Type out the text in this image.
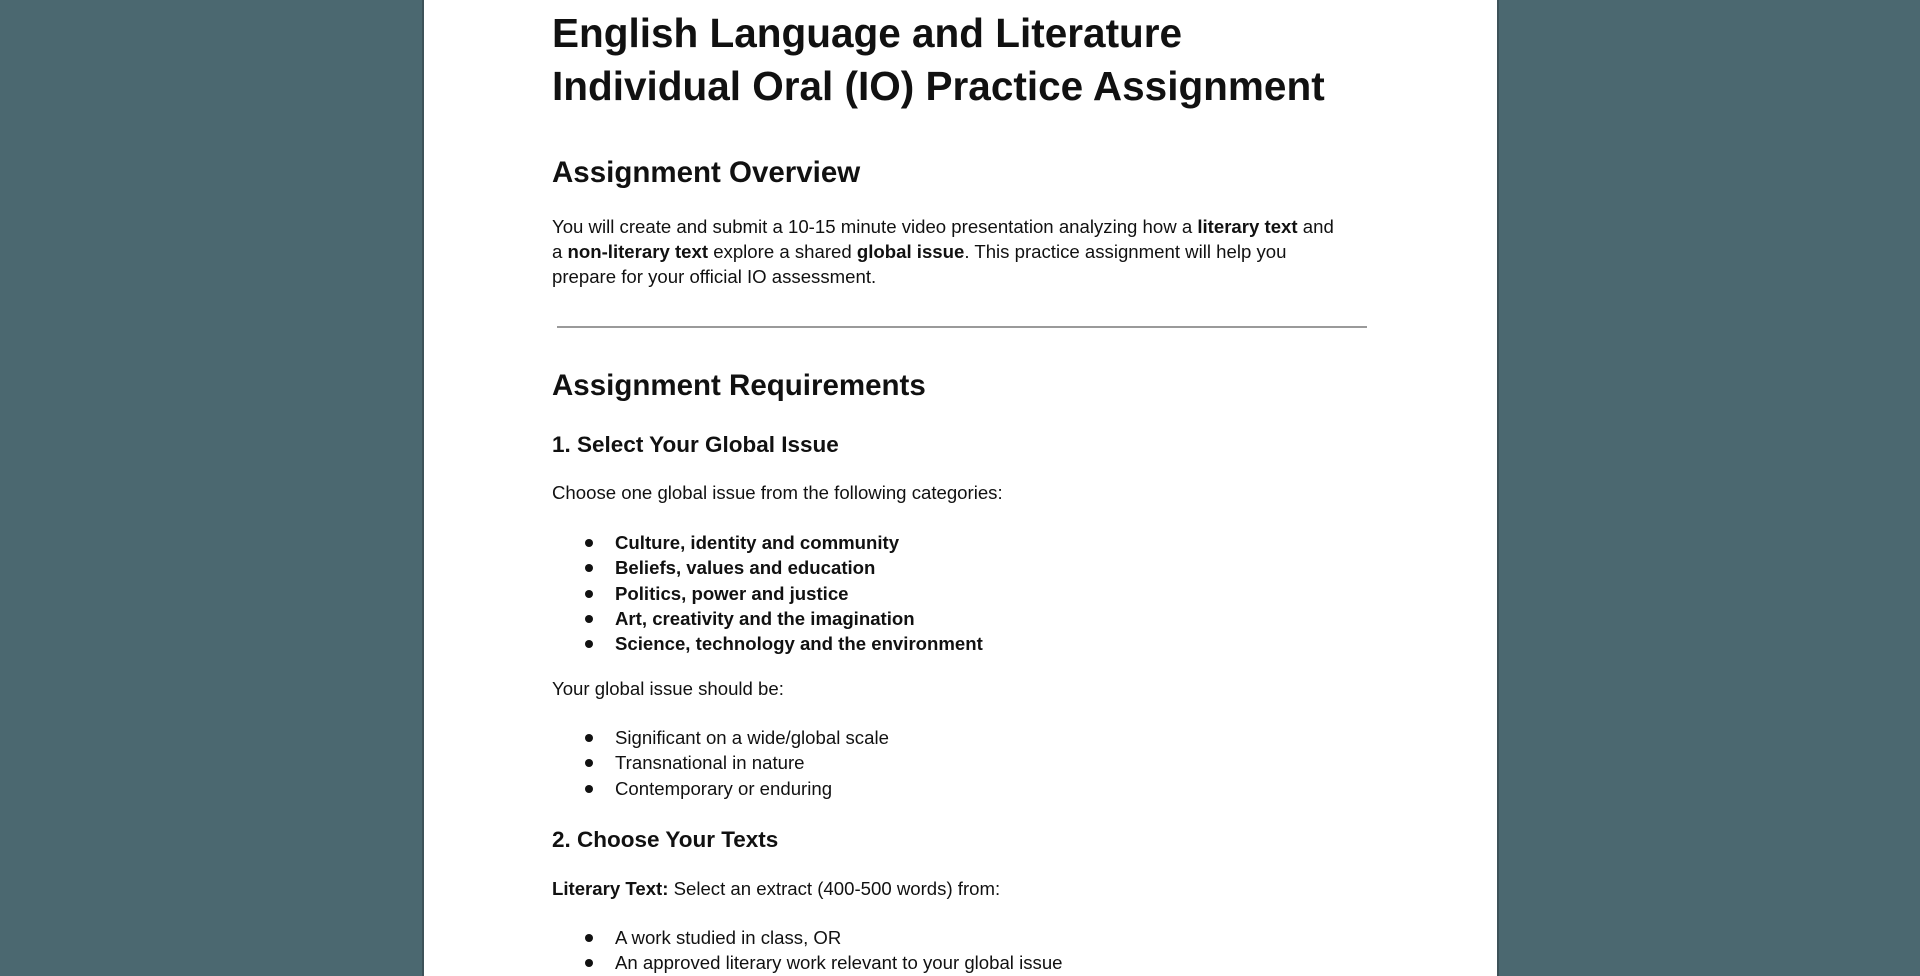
English Language and Literature
Individual Oral (IO) Practice Assignment
Assignment Overview

You will create and submit a 10-15 minute video presentation analyzing how a literary text and
a non-literary text explore a shared global issue. This practice assignment will help you
prepare for your official IO assessment.

Assignment Requirements
1. Select Your Global Issue

Choose one global issue from the following categories:

Culture, identity and community
Beliefs, values and education
Politics, power and justice
Art, creativity and the imagination
Science, technology and the environment

Your global issue should be:

Significant on a wide/global scale
Transnational in nature
Contemporary or enduring
2. Choose Your Texts

Literary Text: Select an extract (400-500 words) from:

A work studied in class, OR
An approved literary work relevant to your global issue
